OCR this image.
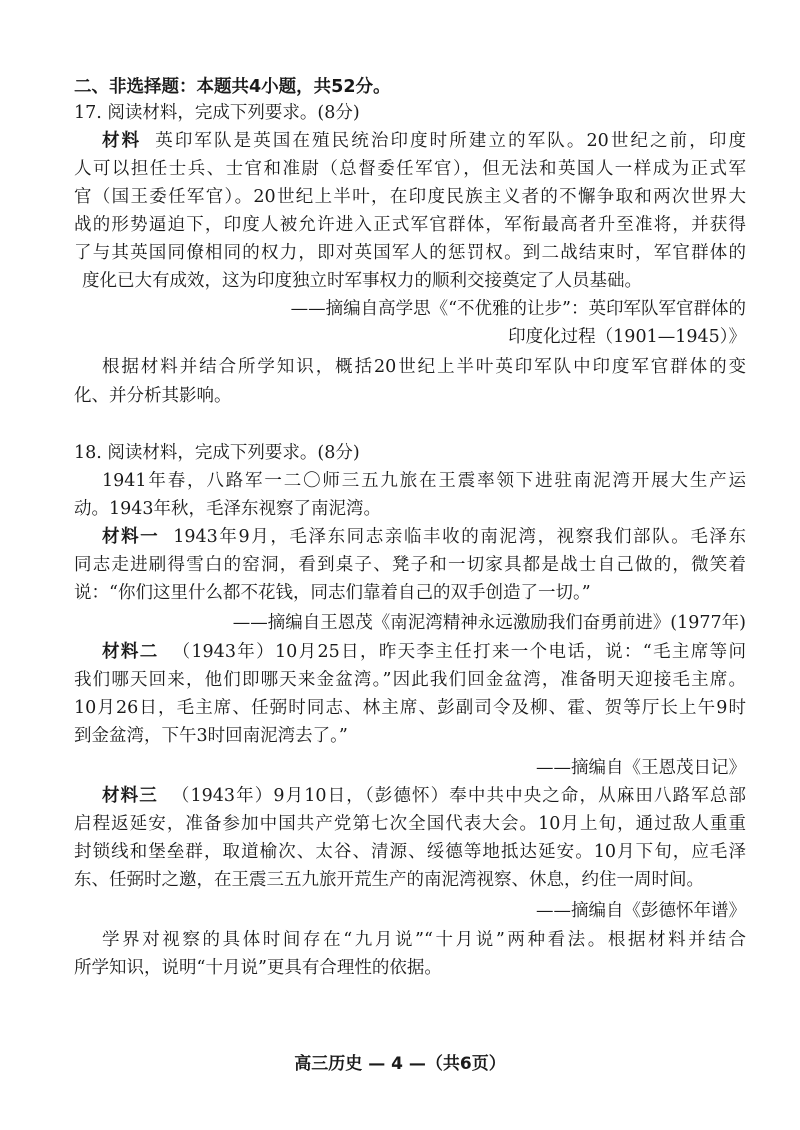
二、非选择题：本题共4小题，共52分。
17. 阅读材料，完成下列要求。(8分)
材料 英印军队是英国在殖民统治印度时所建立的军队。20世纪之前，印度
人可以担任士兵、士官和准尉（总督委任军官），但无法和英国人一样成为正式军
官（国王委任军官）。20世纪上半叶，在印度民族主义者的不懈争取和两次世界大
战的形势逼迫下，印度人被允许进入正式军官群体，军衔最高者升至准将，并获得
了与其英国同僚相同的权力，即对英国军人的惩罚权。到二战结束时，军官群体的
度化已大有成效，这为印度独立时军事权力的顺利交接奠定了人员基础。
——摘编自高学思《“不优雅的让步”：英印军队军官群体的
印度化过程（1901—1945）》
根据材料并结合所学知识，概括20世纪上半叶英印军队中印度军官群体的变
化、并分析其影响。
18. 阅读材料，完成下列要求。(8分)
1941年春，八路军一二〇师三五九旅在王震率领下进驻南泥湾开展大生产运
动。1943年秋，毛泽东视察了南泥湾。
材料一 1943年9月，毛泽东同志亲临丰收的南泥湾，视察我们部队。毛泽东
同志走进刷得雪白的窑洞，看到桌子、凳子和一切家具都是战士自己做的，微笑着
说：“你们这里什么都不花钱，同志们靠着自己的双手创造了一切。”
——摘编自王恩茂《南泥湾精神永远激励我们奋勇前进》(1977年)
材料二 （1943年）10月25日，昨天李主任打来一个电话，说：“毛主席等问
我们哪天回来，他们即哪天来金盆湾。”因此我们回金盆湾，准备明天迎接毛主席。
10月26日，毛主席、任弼时同志、林主席、彭副司令及柳、霍、贺等厅长上午9时
到金盆湾，下午3时回南泥湾去了。”
——摘编自《王恩茂日记》
材料三 （1943年）9月10日，（彭德怀）奉中共中央之命，从麻田八路军总部
启程返延安，准备参加中国共产党第七次全国代表大会。10月上旬，通过敌人重重
封锁线和堡垒群，取道榆次、太谷、清源、绥德等地抵达延安。10月下旬，应毛泽
东、任弼时之邀，在王震三五九旅开荒生产的南泥湾视察、休息，约住一周时间。
——摘编自《彭德怀年谱》
学界对视察的具体时间存在“九月说”“十月说”两种看法。根据材料并结合
所学知识，说明“十月说”更具有合理性的依据。
高三历史 — 4 —（共6页）
